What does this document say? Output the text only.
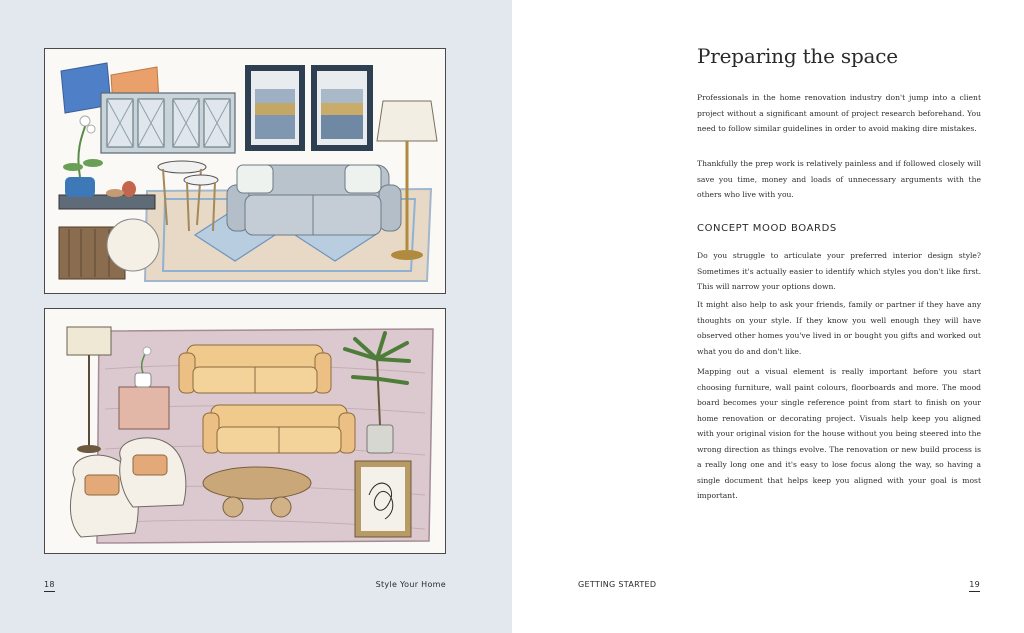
18	Style Your Home	GETTING STARTED	19
Preparing the space

Professionals in the home renovation industry don't jump into a client project without a significant amount of project research beforehand. You need to follow similar guidelines in order to avoid making dire mistakes.

Thankfully the prep work is relatively painless and if followed closely will save you time, money and loads of unnecessary arguments with the others who live with you.

CONCEPT MOOD BOARDS

Do you struggle to articulate your preferred interior design style? Sometimes it's actually easier to identify which styles you don't like first. This will narrow your options down.

It might also help to ask your friends, family or partner if they have any thoughts on your style. If they know you well enough they will have observed other homes you've lived in or bought you gifts and worked out what you do and don't like.

Mapping out a visual element is really important before you start choosing furniture, wall paint colours, floorboards and more. The mood board becomes your single reference point from start to finish on your home renovation or decorating project. Visuals help keep you aligned with your original vision for the house without you being steered into the wrong direction as things evolve. The renovation or new build process is a really long one and it's easy to lose focus along the way, so having a single document that helps keep you aligned with your goal is most important.
